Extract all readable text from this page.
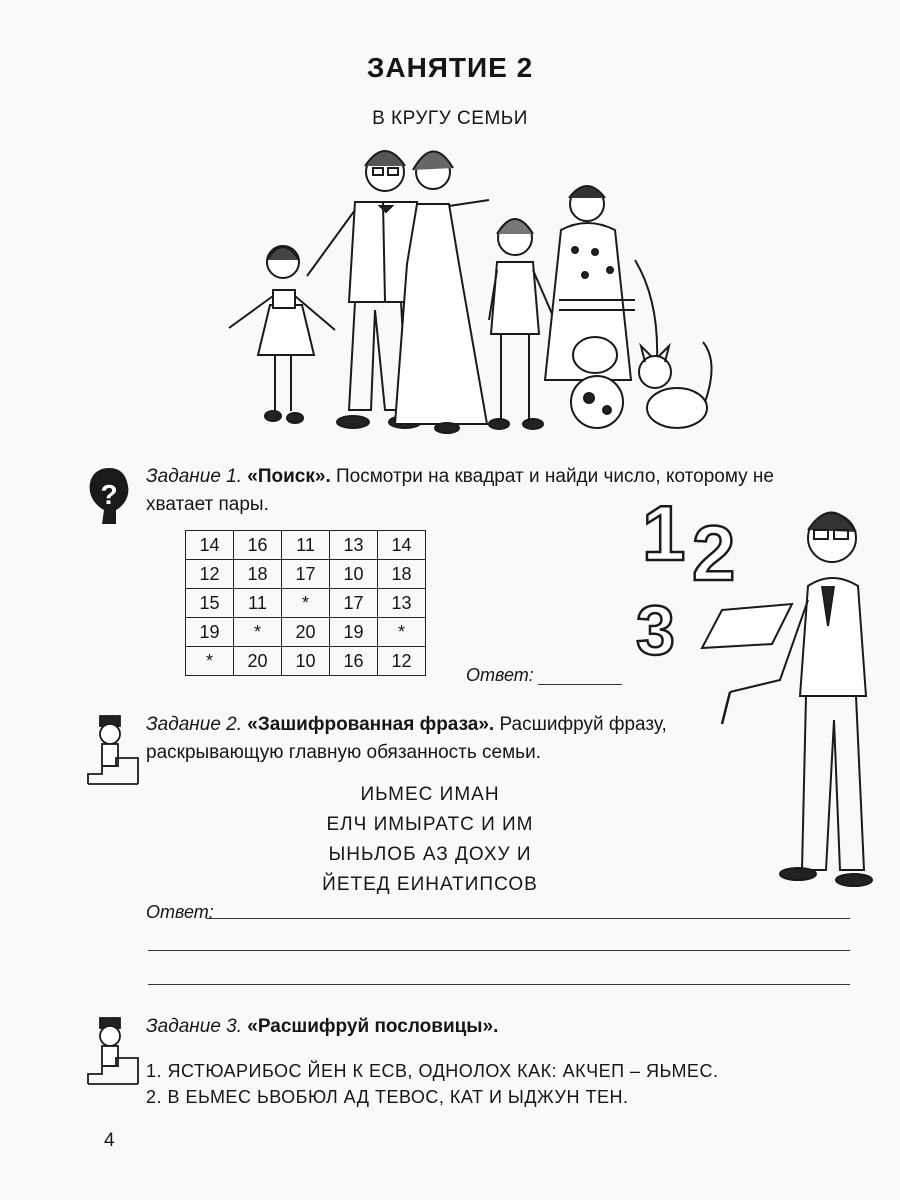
ЗАНЯТИЕ 2
В КРУГУ СЕМЬИ
?
Задание 1. «Поиск». Посмотри на квадрат и найди число, которому не
хватает пары.
14	16	11	13	14
12	18	17	10	18
15	11	*	17	13
19	*	20	19	*
*	20	10	16	12
Ответ:
1 2
3
Задание 2. «Зашифрованная фраза». Расшифруй фразу,
раскрывающую главную обязанность семьи.
ИЬМЕС ИМАН
ЕЛЧ ИМЫРАТС И ИМ
ЫНЬЛОБ АЗ ДОХУ И
ЙЕТЕД ЕИНАТИПСОВ
Ответ:
Задание 3. «Расшифруй пословицы».
1. ЯСТЮАРИБОС ЙЕН К ЕСВ, ОДНОЛОХ КАК: АКЧЕП – ЯЬМЕС.
2. В ЕЬМЕС ЬВОБЮЛ АД ТЕВОС, КАТ И ЫДЖУН ТЕН.
4
